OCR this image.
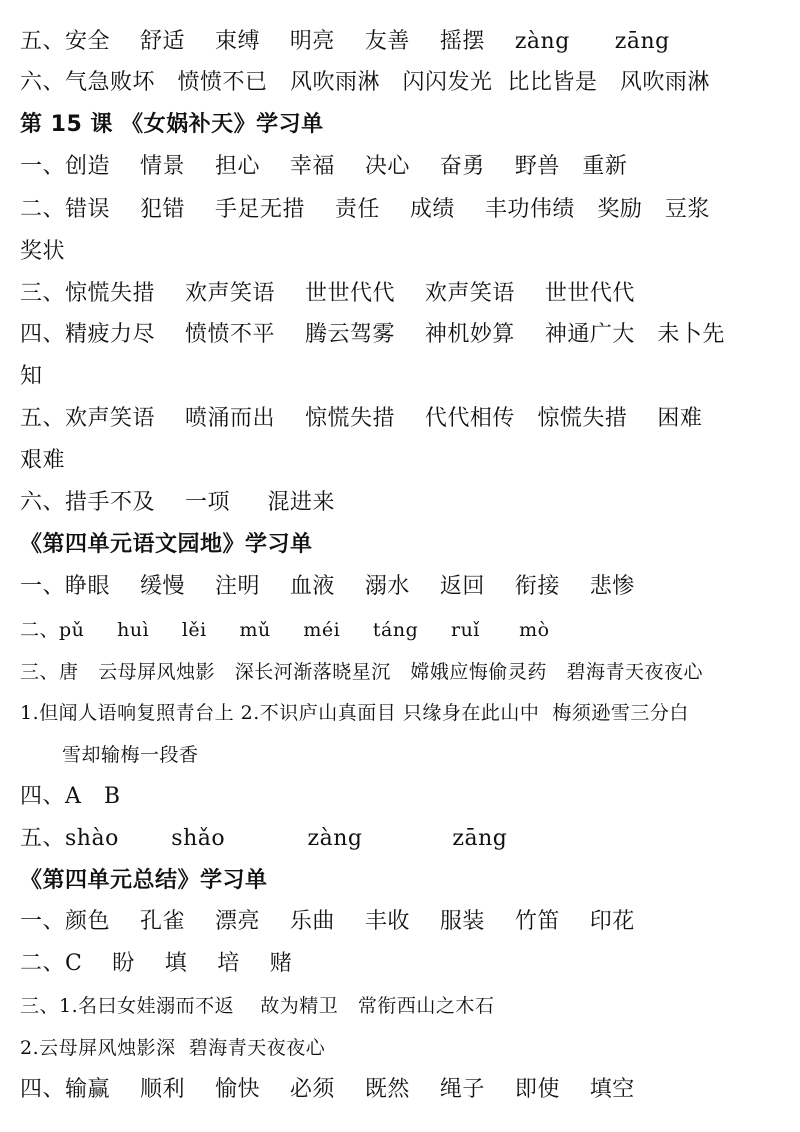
五、安全    舒适    束缚    明亮    友善    摇摆    zàng      zāng
六、气急败坏   愤愤不已   风吹雨淋   闪闪发光  比比皆是   风吹雨淋
第 15 课 《女娲补天》学习单
一、创造    情景    担心    幸福    决心    奋勇    野兽   重新
二、错误    犯错    手足无措    责任    成绩    丰功伟绩   奖励   豆浆
奖状
三、惊慌失措    欢声笑语    世世代代    欢声笑语    世世代代
四、精疲力尽    愤愤不平    腾云驾雾    神机妙算    神通广大   未卜先
知
五、欢声笑语    喷涌而出    惊慌失措    代代相传   惊慌失措    困难
艰难
六、措手不及    一项     混进来
《第四单元语文园地》学习单
一、睁眼    缓慢    注明    血液    溺水    返回    衔接    悲惨
二、pǔ     huì     lěi     mǔ     méi     táng     ruǐ      mò
三、唐   云母屏风烛影   深长河渐落晓星沉   嫦娥应悔偷灵药   碧海青天夜夜心
1.但闻人语响复照青台上 2.不识庐山真面目 只缘身在此山中  梅须逊雪三分白
雪却输梅一段香
四、A   B
五、shào       shǎo           zàng            zāng
《第四单元总结》学习单
一、颜色    孔雀    漂亮    乐曲    丰收    服装    竹笛    印花
二、C    盼    填    培    赌
三、1.名曰女娃溺而不返    故为精卫   常衔西山之木石
2.云母屏风烛影深  碧海青天夜夜心
四、输赢    顺利    愉快    必须    既然    绳子    即使    填空
